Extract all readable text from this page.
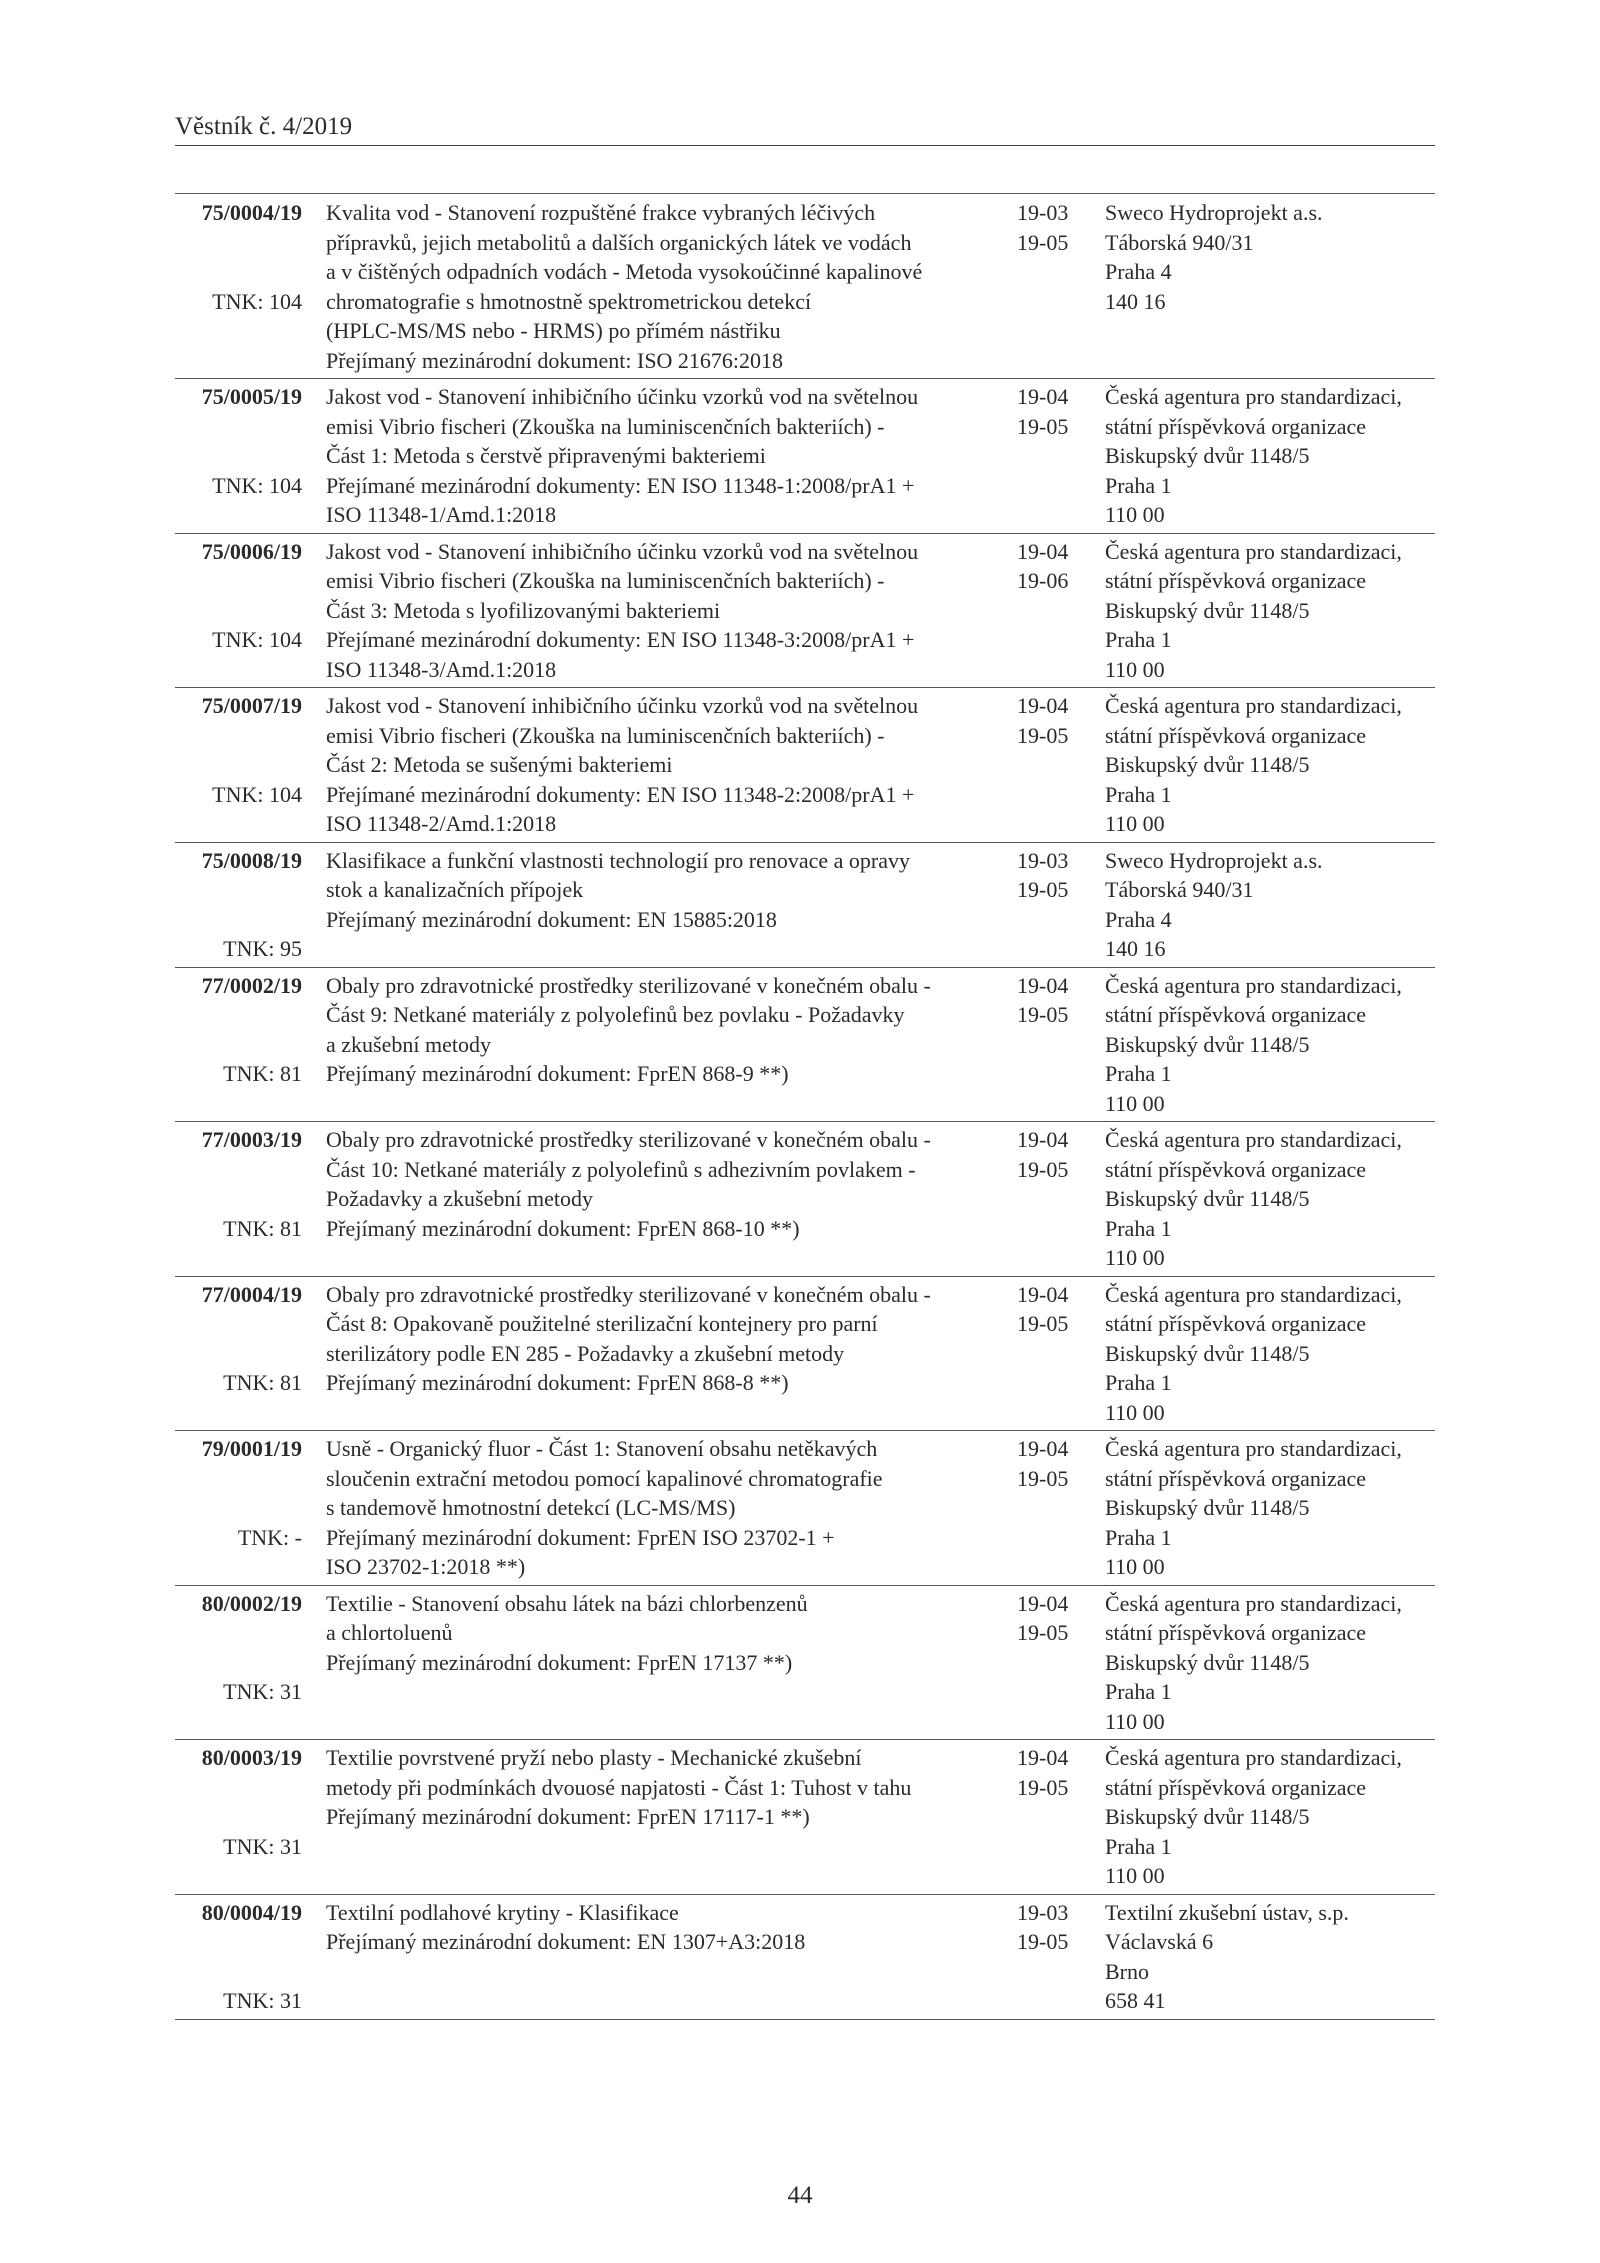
Věstník č. 4/2019
75/0004/19
TNK: 104
Kvalita vod - Stanovení rozpuštěné frakce vybraných léčivých
přípravků, jejich metabolitů a dalších organických látek ve vodách
a v čištěných odpadních vodách - Metoda vysokoúčinné kapalinové
chromatografie s hmotnostně spektrometrickou detekcí
(HPLC-MS/MS nebo - HRMS) po přímém nástřiku
Přejímaný mezinárodní dokument: ISO 21676:2018
19-03
19-05
Sweco Hydroprojekt a.s.
Táborská 940/31
Praha 4
140 16
75/0005/19
TNK: 104
Jakost vod - Stanovení inhibičního účinku vzorků vod na světelnou
emisi Vibrio fischeri (Zkouška na luminiscenčních bakteriích) -
Část 1: Metoda s čerstvě připravenými bakteriemi
Přejímané mezinárodní dokumenty: EN ISO 11348-1:2008/prA1 +
ISO 11348-1/Amd.1:2018
19-04
19-05
Česká agentura pro standardizaci,
státní příspěvková organizace
Biskupský dvůr 1148/5
Praha 1
110 00
75/0006/19
TNK: 104
Jakost vod - Stanovení inhibičního účinku vzorků vod na světelnou
emisi Vibrio fischeri (Zkouška na luminiscenčních bakteriích) -
Část 3: Metoda s lyofilizovanými bakteriemi
Přejímané mezinárodní dokumenty: EN ISO 11348-3:2008/prA1 +
ISO 11348-3/Amd.1:2018
19-04
19-06
Česká agentura pro standardizaci,
státní příspěvková organizace
Biskupský dvůr 1148/5
Praha 1
110 00
75/0007/19
TNK: 104
Jakost vod - Stanovení inhibičního účinku vzorků vod na světelnou
emisi Vibrio fischeri (Zkouška na luminiscenčních bakteriích) -
Část 2: Metoda se sušenými bakteriemi
Přejímané mezinárodní dokumenty: EN ISO 11348-2:2008/prA1 +
ISO 11348-2/Amd.1:2018
19-04
19-05
Česká agentura pro standardizaci,
státní příspěvková organizace
Biskupský dvůr 1148/5
Praha 1
110 00
75/0008/19
TNK: 95
Klasifikace a funkční vlastnosti technologií pro renovace a opravy
stok a kanalizačních přípojek
Přejímaný mezinárodní dokument: EN 15885:2018
19-03
19-05
Sweco Hydroprojekt a.s.
Táborská 940/31
Praha 4
140 16
77/0002/19
TNK: 81
Obaly pro zdravotnické prostředky sterilizované v konečném obalu -
Část 9: Netkané materiály z polyolefinů bez povlaku - Požadavky
a zkušební metody
Přejímaný mezinárodní dokument: FprEN 868-9 **)
19-04
19-05
Česká agentura pro standardizaci,
státní příspěvková organizace
Biskupský dvůr 1148/5
Praha 1
110 00
77/0003/19
TNK: 81
Obaly pro zdravotnické prostředky sterilizované v konečném obalu -
Část 10: Netkané materiály z polyolefinů s adhezivním povlakem -
Požadavky a zkušební metody
Přejímaný mezinárodní dokument: FprEN 868-10 **)
19-04
19-05
Česká agentura pro standardizaci,
státní příspěvková organizace
Biskupský dvůr 1148/5
Praha 1
110 00
77/0004/19
TNK: 81
Obaly pro zdravotnické prostředky sterilizované v konečném obalu -
Část 8: Opakovaně použitelné sterilizační kontejnery pro parní
sterilizátory podle EN 285 - Požadavky a zkušební metody
Přejímaný mezinárodní dokument: FprEN 868-8 **)
19-04
19-05
Česká agentura pro standardizaci,
státní příspěvková organizace
Biskupský dvůr 1148/5
Praha 1
110 00
79/0001/19
TNK: -
Usně - Organický fluor - Část 1: Stanovení obsahu netěkavých
sloučenin extrační metodou pomocí kapalinové chromatografie
s tandemově hmotnostní detekcí (LC-MS/MS)
Přejímaný mezinárodní dokument: FprEN ISO 23702-1 +
ISO 23702-1:2018 **)
19-04
19-05
Česká agentura pro standardizaci,
státní příspěvková organizace
Biskupský dvůr 1148/5
Praha 1
110 00
80/0002/19
TNK: 31
Textilie - Stanovení obsahu látek na bázi chlorbenzenů
a chlortoluenů
Přejímaný mezinárodní dokument: FprEN 17137 **)
19-04
19-05
Česká agentura pro standardizaci,
státní příspěvková organizace
Biskupský dvůr 1148/5
Praha 1
110 00
80/0003/19
TNK: 31
Textilie povrstvené pryží nebo plasty - Mechanické zkušební
metody při podmínkách dvouosé napjatosti - Část 1: Tuhost v tahu
Přejímaný mezinárodní dokument: FprEN 17117-1 **)
19-04
19-05
Česká agentura pro standardizaci,
státní příspěvková organizace
Biskupský dvůr 1148/5
Praha 1
110 00
80/0004/19
TNK: 31
Textilní podlahové krytiny - Klasifikace
Přejímaný mezinárodní dokument: EN 1307+A3:2018
19-03
19-05
Textilní zkušební ústav, s.p.
Václavská 6
Brno
658 41
44
